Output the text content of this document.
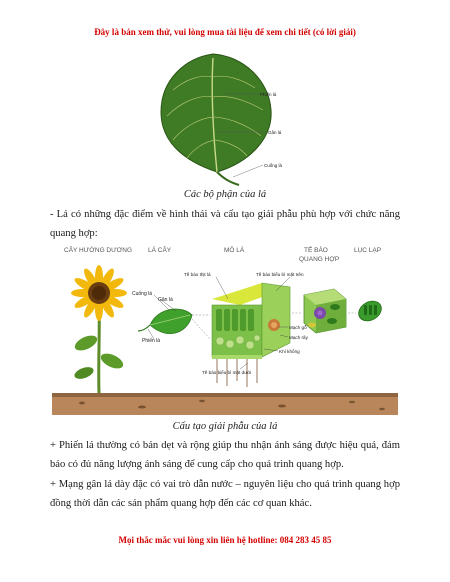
Đây là bản xem thử, vui lòng mua tài liệu để xem chi tiết (có lời giải)
Phiến lá
Gân lá
Cuống lá
Các bộ phận của lá
- Lá có những đặc điểm về hình thái và cấu tạo giải phẫu phù hợp với chức năng quang hợp:
CÂY HƯỚNG DƯƠNG LÁ CÂY	MÔ LÁ	TẾ BÀO
QUANG HỢP
LỤC LẠP
Cuống lá
Gân lá
Phiến lá
Tế bào thịt lá	Tế bào biểu bì mặt trên
Mạch gỗ
Mạch rây
Khí khổng
Tế bào biểu bì mặt dưới
Cấu tạo giải phẫu của lá
+ Phiến lá thường có bản dẹt và rộng giúp thu nhận ánh sáng được hiệu quả, đảm bảo có đủ năng lượng ánh sáng để cung cấp cho quá trình quang hợp.
+ Mạng gân lá dày đặc có vai trò dẫn nước – nguyên liệu cho quá trình quang hợp đồng thời dẫn các sản phẩm quang hợp đến các cơ quan khác.
Mọi thắc mắc vui lòng xin liên hệ hotline: 084 283 45 85
